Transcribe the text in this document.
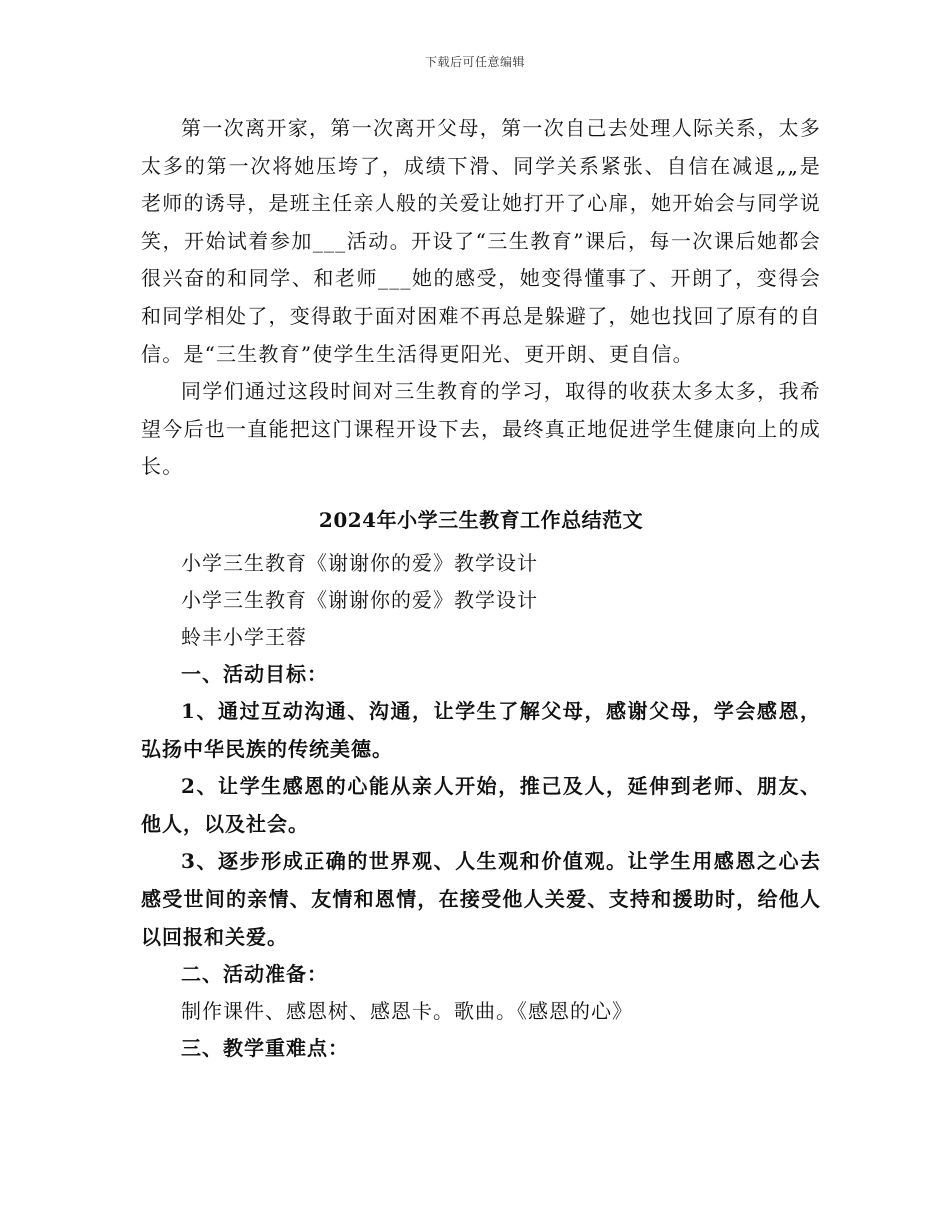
下载后可任意编辑

第一次离开家，第一次离开父母，第一次自己去处理人际关系，太多太多的第一次将她压垮了，成绩下滑、同学关系紧张、自信在减退„„是老师的诱导，是班主任亲人般的关爱让她打开了心扉，她开始会与同学说笑，开始试着参加___活动。开设了“三生教育”课后，每一次课后她都会很兴奋的和同学、和老师___她的感受，她变得懂事了、开朗了，变得会和同学相处了，变得敢于面对困难不再总是躲避了，她也找回了原有的自信。是“三生教育”使学生生活得更阳光、更开朗、更自信。

同学们通过这段时间对三生教育的学习，取得的收获太多太多，我希望今后也一直能把这门课程开设下去，最终真正地促进学生健康向上的成长。

2024年小学三生教育工作总结范文

小学三生教育《谢谢你的爱》教学设计

小学三生教育《谢谢你的爱》教学设计

蛉丰小学王蓉

一、活动目标：

1、通过互动沟通、沟通，让学生了解父母，感谢父母，学会感恩，弘扬中华民族的传统美德。

2、让学生感恩的心能从亲人开始，推己及人，延伸到老师、朋友、他人，以及社会。

3、逐步形成正确的世界观、人生观和价值观。让学生用感恩之心去感受世间的亲情、友情和恩情，在接受他人关爱、支持和援助时，给他人以回报和关爱。

二、活动准备：

制作课件、感恩树、感恩卡。歌曲。《感恩的心》

三、教学重难点：
